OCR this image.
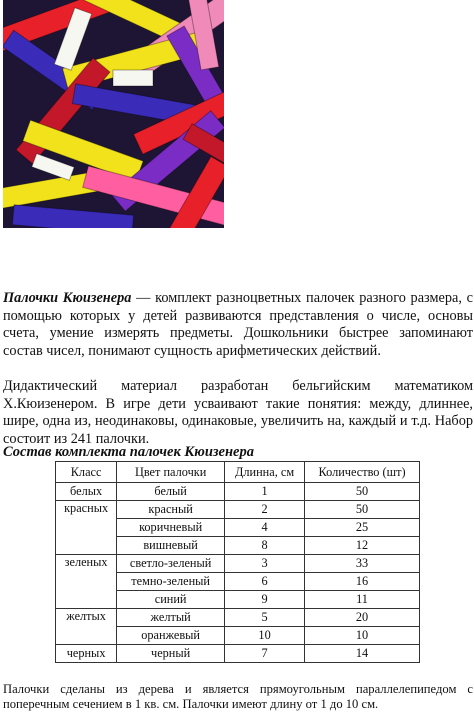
Палочки Кюизенера — комплект разноцветных палочек разного размера, с помощью которых у детей развиваются представления о числе, основы счета, умение измерять предметы. Дошкольники быстрее запоминают состав чисел, понимают сущность арифметических действий.

Дидактический материал разработан бельгийским математиком Х.Кюизенером. В игре дети усваивают такие понятия: между, длиннее, шире, одна из, неодинаковы, одинаковые, увеличить на, каждый и т.д. Набор состоит из 241 палочки.

Состав комплекта палочек Кюизенера
Класс	Цвет палочки	Длинна, см	Количество (шт)
белых	белый	1	50
красных	красный	2	50
	коричневый	4	25
	вишневый	8	12
зеленых	светло-зеленый	3	33
	темно-зеленый	6	16
	синий	9	11
желтых	желтый	5	20
	оранжевый	10	10
черных	черный	7	14

Палочки сделаны из дерева и является прямоугольным параллелепипедом с поперечным сечением в 1 кв. см. Палочки имеют длину от 1 до 10 см.
